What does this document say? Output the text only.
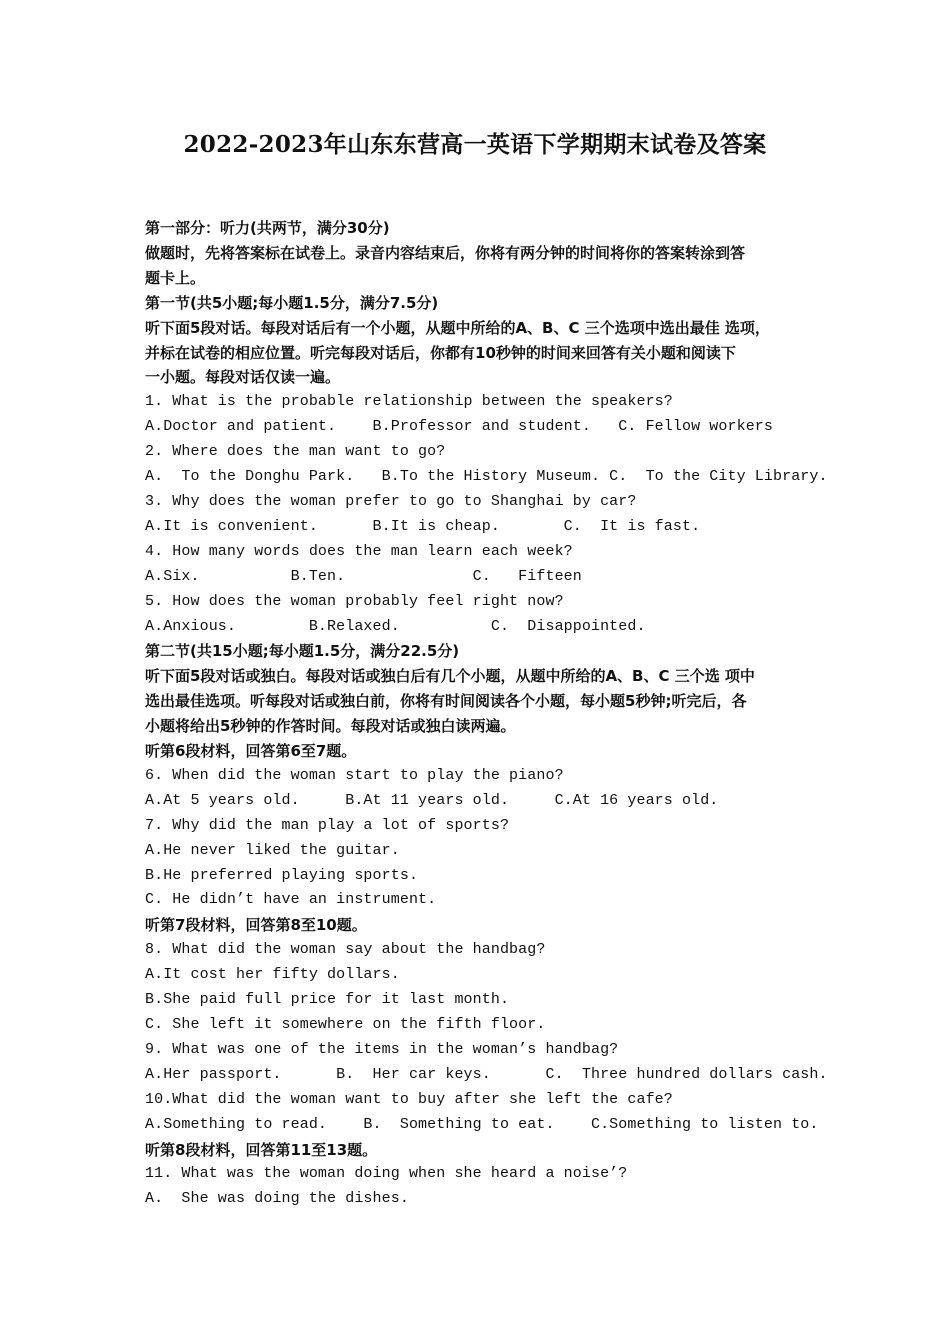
2022-2023年山东东营高一英语下学期期末试卷及答案
第一部分：听力(共两节，满分30分)
做题时，先将答案标在试卷上。录音内容结束后，你将有两分钟的时间将你的答案转涂到答
题卡上。
第一节(共5小题;每小题1.5分，满分7.5分)
听下面5段对话。每段对话后有一个小题，从题中所给的A、B、C 三个选项中选出最佳 选项，
并标在试卷的相应位置。听完每段对话后，你都有10秒钟的时间来回答有关小题和阅读下
一小题。每段对话仅读一遍。
1. What is the probable relationship between the speakers?
A.Doctor and patient.    B.Professor and student.   C. Fellow workers
2. Where does the man want to go?
A.  To the Donghu Park.   B.To the History Museum. C.  To the City Library.
3. Why does the woman prefer to go to Shanghai by car?
A.It is convenient.      B.It is cheap.       C.  It is fast.
4. How many words does the man learn each week?
A.Six.          B.Ten.              C.   Fifteen
5. How does the woman probably feel right now?
A.Anxious.        B.Relaxed.          C.  Disappointed.
第二节(共15小题;每小题1.5分，满分22.5分)
听下面5段对话或独白。每段对话或独白后有几个小题，从题中所给的A、B、C 三个选 项中
选出最佳选项。听每段对话或独白前，你将有时间阅读各个小题，每小题5秒钟;听完后，各
小题将给出5秒钟的作答时间。每段对话或独白读两遍。
听第6段材料，回答第6至7题。
6. When did the woman start to play the piano?
A.At 5 years old.     B.At 11 years old.     C.At 16 years old.
7. Why did the man play a lot of sports?
A.He never liked the guitar.
B.He preferred playing sports.
C. He didn’t have an instrument.
听第7段材料，回答第8至10题。
8. What did the woman say about the handbag?
A.It cost her fifty dollars.
B.She paid full price for it last month.
C. She left it somewhere on the fifth floor.
9. What was one of the items in the woman’s handbag?
A.Her passport.      B.  Her car keys.      C.  Three hundred dollars cash.
10.What did the woman want to buy after she left the cafe?
A.Something to read.    B.  Something to eat.    C.Something to listen to.
听第8段材料，回答第11至13题。
11. What was the woman doing when she heard a noise’?
A.  She was doing the dishes.
